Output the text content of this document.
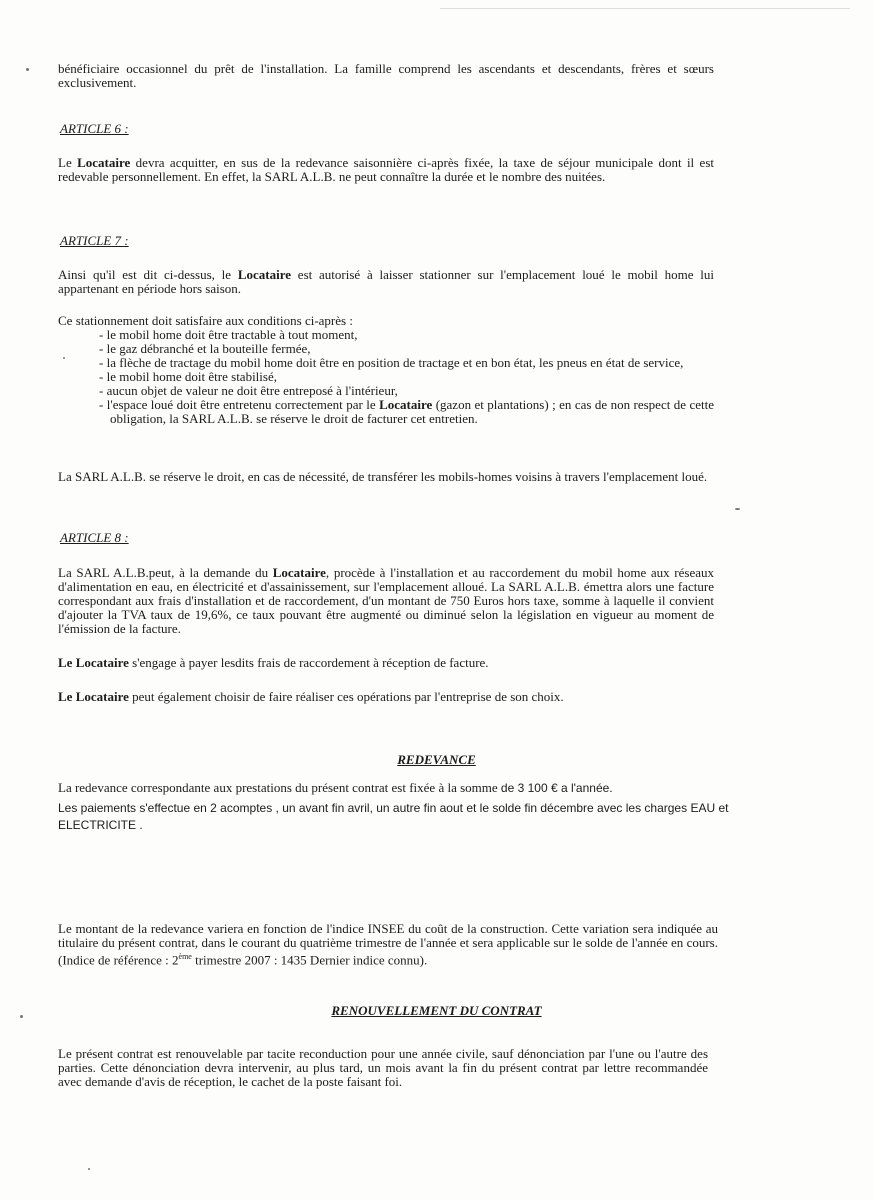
bénéficiaire occasionnel du prêt de l'installation. La famille comprend les ascendants et descendants, frères et sœurs exclusivement.
ARTICLE 6 :
Le Locataire devra acquitter, en sus de la redevance saisonnière ci-après fixée, la taxe de séjour municipale dont il est redevable personnellement. En effet, la SARL A.L.B. ne peut connaître la durée et le nombre des nuitées.
ARTICLE 7 :
Ainsi qu'il est dit ci-dessus, le Locataire est autorisé à laisser stationner sur l'emplacement loué le mobil home lui appartenant en période hors saison.
Ce stationnement doit satisfaire aux conditions ci-après :
- le mobil home doit être tractable à tout moment,
- le gaz débranché et la bouteille fermée,
- la flèche de tractage du mobil home doit être en position de tractage et en bon état, les pneus en état de service,
- le mobil home doit être stabilisé,
- aucun objet de valeur ne doit être entreposé à l'intérieur,
- l'espace loué doit être entretenu correctement par le Locataire (gazon et plantations) ; en cas de non respect de cette obligation, la SARL A.L.B. se réserve le droit de facturer cet entretien.
La SARL A.L.B. se réserve le droit, en cas de nécessité, de transférer les mobils-homes voisins à travers l'emplacement loué.
ARTICLE 8 :
La SARL A.L.B.peut, à la demande du Locataire, procède à l'installation et au raccordement du mobil home aux réseaux d'alimentation en eau, en électricité et d'assainissement, sur l'emplacement alloué. La SARL A.L.B. émettra alors une facture correspondant aux frais d'installation et de raccordement, d'un montant de 750 Euros hors taxe, somme à laquelle il convient d'ajouter la TVA taux de 19,6%, ce taux pouvant être augmenté ou diminué selon la législation en vigueur au moment de l'émission de la facture.
Le Locataire s'engage à payer lesdits frais de raccordement à réception de facture.
Le Locataire peut également choisir de faire réaliser ces opérations par l'entreprise de son choix.
REDEVANCE
La redevance correspondante aux prestations du présent contrat est fixée à la somme de 3 100 € a l'année.
Les paiements s'effectue en 2 acomptes , un avant fin avril, un autre fin aout et le solde fin décembre avec les charges EAU et ELECTRICITE .
Le montant de la redevance variera en fonction de l'indice INSEE du coût de la construction. Cette variation sera indiquée au titulaire du présent contrat, dans le courant du quatrième trimestre de l'année et sera applicable sur le solde de l'année en cours. (Indice de référence : 2ème trimestre 2007 : 1435 Dernier indice connu).
RENOUVELLEMENT DU CONTRAT
Le présent contrat est renouvelable par tacite reconduction pour une année civile, sauf dénonciation par l'une ou l'autre des parties. Cette dénonciation devra intervenir, au plus tard, un mois avant la fin du présent contrat par lettre recommandée avec demande d'avis de réception, le cachet de la poste faisant foi.
